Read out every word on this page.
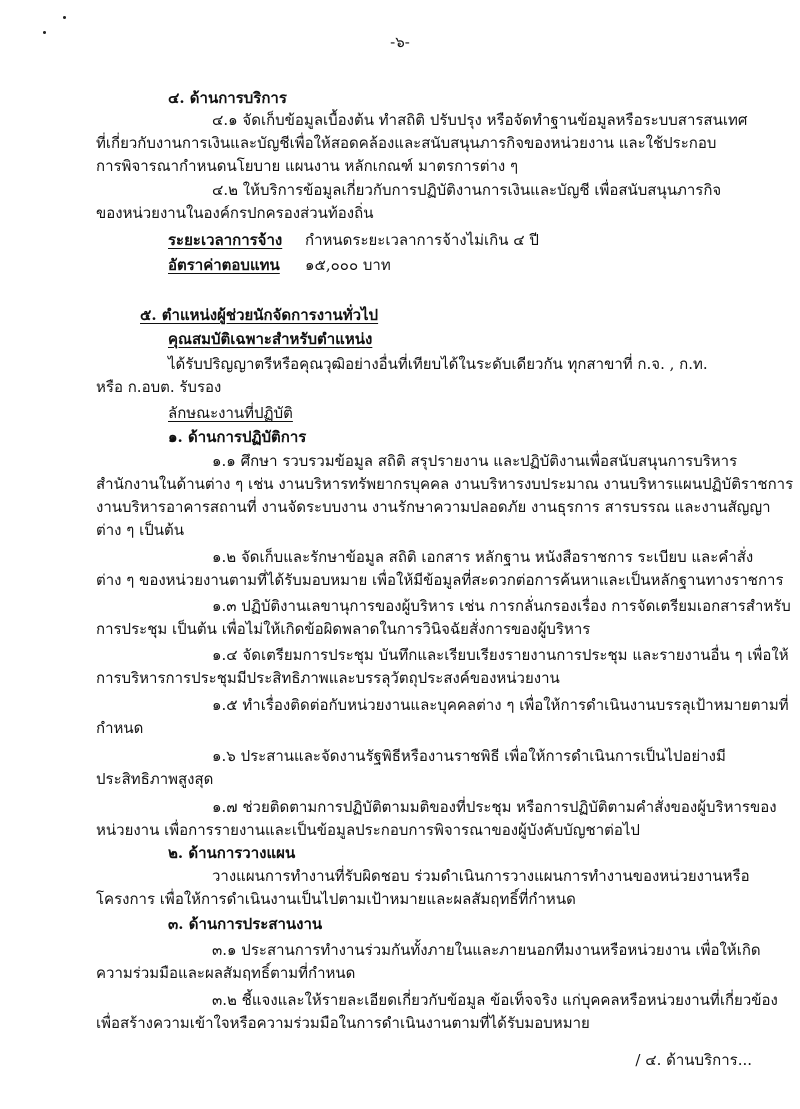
-๖-
๔. ด้านการบริการ
๔.๑ จัดเก็บข้อมูลเบื้องต้น ทำสถิติ ปรับปรุง หรือจัดทำฐานข้อมูลหรือระบบสารสนเทศ
ที่เกี่ยวกับงานการเงินและบัญชีเพื่อให้สอดคล้องและสนับสนุนภารกิจของหน่วยงาน และใช้ประกอบ
การพิจารณากำหนดนโยบาย แผนงาน หลักเกณฑ์ มาตรการต่าง ๆ
๔.๒ ให้บริการข้อมูลเกี่ยวกับการปฏิบัติงานการเงินและบัญชี เพื่อสนับสนุนภารกิจ
ของหน่วยงานในองค์กรปกครองส่วนท้องถิ่น
๕. ตำแหน่งผู้ช่วยนักจัดการงานทั่วไป
คุณสมบัติเฉพาะสำหรับตำแหน่ง
ได้รับปริญญาตรีหรือคุณวุฒิอย่างอื่นที่เทียบได้ในระดับเดียวกัน ทุกสาขาที่ ก.จ. , ก.ท.
หรือ ก.อบต. รับรอง
ลักษณะงานที่ปฏิบัติ
๑. ด้านการปฏิบัติการ
๑.๑ ศึกษา รวบรวมข้อมูล สถิติ สรุปรายงาน และปฏิบัติงานเพื่อสนับสนุนการบริหาร
สำนักงานในด้านต่าง ๆ เช่น งานบริหารทรัพยากรบุคคล งานบริหารงบประมาณ งานบริหารแผนปฏิบัติราชการ
งานบริหารอาคารสถานที่ งานจัดระบบงาน งานรักษาความปลอดภัย งานธุรการ สารบรรณ และงานสัญญา
ต่าง ๆ เป็นต้น
๑.๒ จัดเก็บและรักษาข้อมูล สถิติ เอกสาร หลักฐาน หนังสือราชการ ระเบียบ และคำสั่ง
ต่าง ๆ ของหน่วยงานตามที่ได้รับมอบหมาย เพื่อให้มีข้อมูลที่สะดวกต่อการค้นหาและเป็นหลักฐานทางราชการ
๑.๓ ปฏิบัติงานเลขานุการของผู้บริหาร เช่น การกลั่นกรองเรื่อง การจัดเตรียมเอกสารสำหรับ
การประชุม เป็นต้น เพื่อไม่ให้เกิดข้อผิดพลาดในการวินิจฉัยสั่งการของผู้บริหาร
๑.๔ จัดเตรียมการประชุม บันทึกและเรียบเรียงรายงานการประชุม และรายงานอื่น ๆ เพื่อให้
การบริหารการประชุมมีประสิทธิภาพและบรรลุวัตถุประสงค์ของหน่วยงาน
๑.๕ ทำเรื่องติดต่อกับหน่วยงานและบุคคลต่าง ๆ เพื่อให้การดำเนินงานบรรลุเป้าหมายตามที่
กำหนด
๑.๖ ประสานและจัดงานรัฐพิธีหรืองานราชพิธี เพื่อให้การดำเนินการเป็นไปอย่างมี
ประสิทธิภาพสูงสุด
๑.๗ ช่วยติดตามการปฏิบัติตามมติของที่ประชุม หรือการปฏิบัติตามคำสั่งของผู้บริหารของ
หน่วยงาน เพื่อการรายงานและเป็นข้อมูลประกอบการพิจารณาของผู้บังคับบัญชาต่อไป
๒. ด้านการวางแผน
วางแผนการทำงานที่รับผิดชอบ ร่วมดำเนินการวางแผนการทำงานของหน่วยงานหรือ
โครงการ เพื่อให้การดำเนินงานเป็นไปตามเป้าหมายและผลสัมฤทธิ์ที่กำหนด
๓. ด้านการประสานงาน
๓.๑ ประสานการทำงานร่วมกันทั้งภายในและภายนอกทีมงานหรือหน่วยงาน เพื่อให้เกิด
ความร่วมมือและผลสัมฤทธิ์ตามที่กำหนด
๓.๒ ชี้แจงและให้รายละเอียดเกี่ยวกับข้อมูล ข้อเท็จจริง แก่บุคคลหรือหน่วยงานที่เกี่ยวข้อง
เพื่อสร้างความเข้าใจหรือความร่วมมือในการดำเนินงานตามที่ได้รับมอบหมาย
ระยะเวลาการจ้าง กำหนดระยะเวลาการจ้างไม่เกิน ๔ ปี
อัตราค่าตอบแทน ๑๕,๐๐๐ บาท
/ ๔. ด้านบริการ...
